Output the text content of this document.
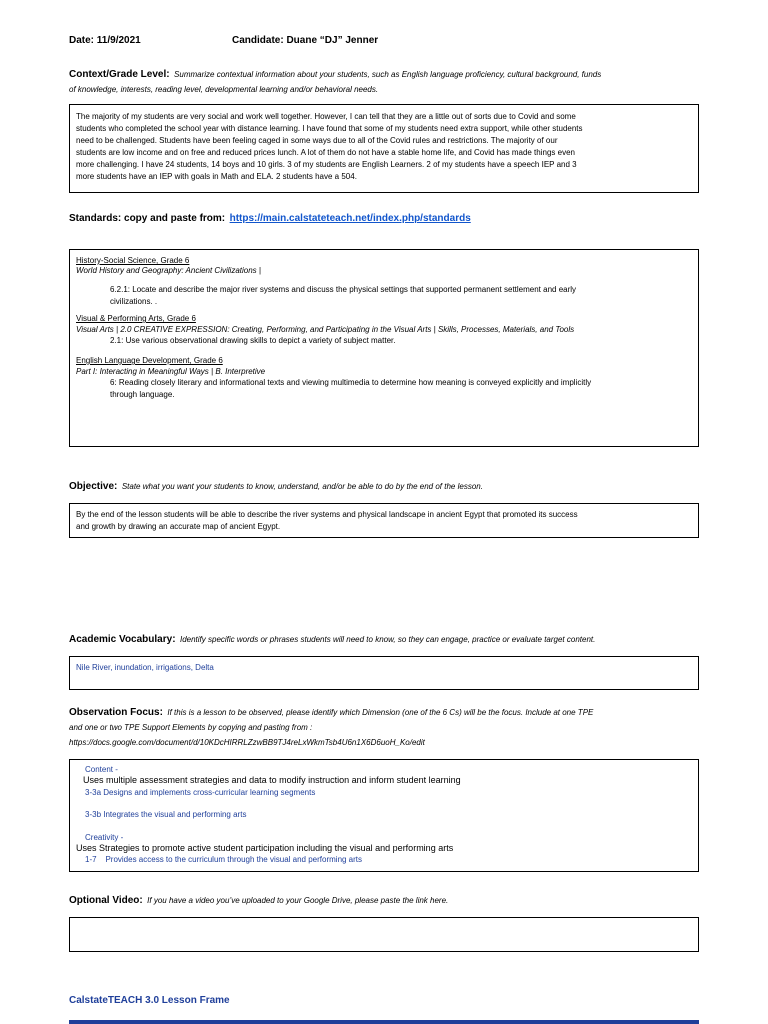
Date: 11/9/2021	Candidate: Duane “DJ” Jenner
Context/Grade Level: Summarize contextual information about your students, such as English language proficiency, cultural background, funds
of knowledge, interests, reading level, developmental learning and/or behavioral needs.

The majority of my students are very social and work well together. However, I can tell that they are a little out of sorts due to Covid and some

students who completed the school year with distance learning. I have found that some of my students need extra support, while other students

need to be challenged. Students have been feeling caged in some ways due to all of the Covid rules and restrictions. The majority of our

students are low income and on free and reduced prices lunch. A lot of them do not have a stable home life, and Covid has made things even

more challenging. I have 24 students, 14 boys and 10 girls. 3 of my students are English Learners. 2 of my students have a speech IEP and 3

more students have an IEP with goals in Math and ELA. 2 students have a 504.

Standards: copy and paste from: https://main.calstateteach.net/index.php/standards

History-Social Science, Grade 6

World History and Geography: Ancient Civilizations |

6.2.1: Locate and describe the major river systems and discuss the physical settings that supported permanent settlement and early
civilizations. .

Visual & Performing Arts, Grade 6

Visual Arts | 2.0 CREATIVE EXPRESSION: Creating, Performing, and Participating in the Visual Arts | Skills, Processes, Materials, and Tools

2.1: Use various observational drawing skills to depict a variety of subject matter.

English Language Development, Grade 6

Part I: Interacting in Meaningful Ways | B. Interpretive

6: Reading closely literary and informational texts and viewing multimedia to determine how meaning is conveyed explicitly and implicitly
through language.

Objective: State what you want your students to know, understand, and/or be able to do by the end of the lesson.

By the end of the lesson students will be able to describe the river systems and physical landscape in ancient Egypt that promoted its success

and growth by drawing an accurate map of ancient Egypt.

Academic Vocabulary: Identify specific words or phrases students will need to know, so they can engage, practice or evaluate target content.

Nile River, inundation, irrigations, Delta

Observation Focus: If this is a lesson to be observed, please identify which Dimension (one of the 6 Cs) will be the focus. Include at one TPE
and one or two TPE Support Elements by copying and pasting from :
https://docs.google.com/document/d/10KDcHIRRLZzwBB9TJ4reLxWkmTsb4U6n1X6D6uoH_Ko/edit

Content -

Uses multiple assessment strategies and data to modify instruction and inform student learning

3-3a Designs and implements cross-curricular learning segments

3-3b Integrates the visual and performing arts

Creativity -

Uses Strategies to promote active student participation including the visual and performing arts

1-7 Provides access to the curriculum through the visual and performing arts

Optional Video: If you have a video you’ve uploaded to your Google Drive, please paste the link here.
CalstateTEACH 3.0 Lesson Frame
